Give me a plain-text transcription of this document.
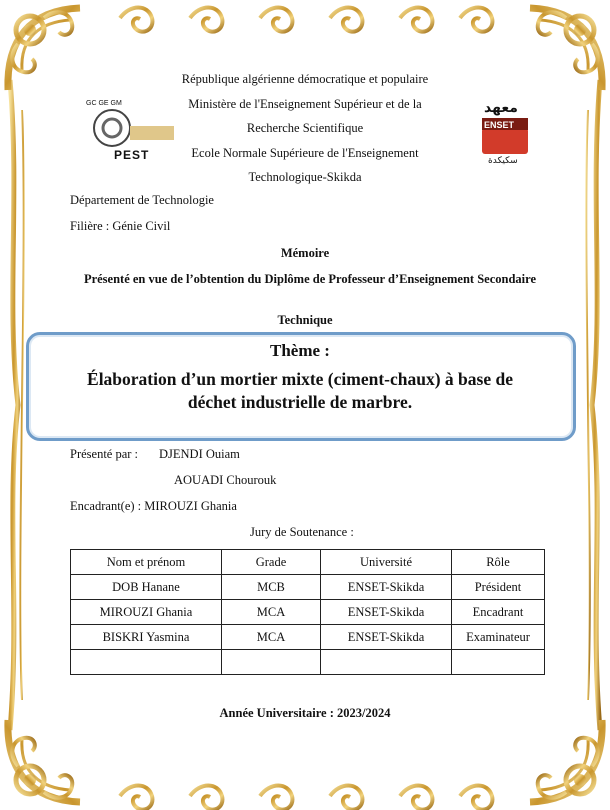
GC GE GM
PEST
معهد
ENSET
سكيكدة
République algérienne démocratique et populaire
Ministère de l'Enseignement Supérieur et de la
Recherche Scientifique
Ecole Normale Supérieure de l'Enseignement
Technologique-Skikda
Département de Technologie
Filière : Génie Civil
Mémoire
Présenté en vue de l’obtention du Diplôme de Professeur d’Enseignement Secondaire
Technique
Thème :
Élaboration d’un mortier mixte (ciment-chaux) à base de
déchet industrielle de marbre.
Présenté par : DJENDI Ouiam
AOUADI Chourouk
Encadrant(e) : MIROUZI Ghania
Jury de Soutenance :
Nom et prénom	Grade	Université	Rôle
DOB Hanane	MCB	ENSET-Skikda	Président
MIROUZI Ghania	MCA	ENSET-Skikda	Encadrant
BISKRI Yasmina	MCA	ENSET-Skikda	Examinateur

Année Universitaire : 2023/2024
